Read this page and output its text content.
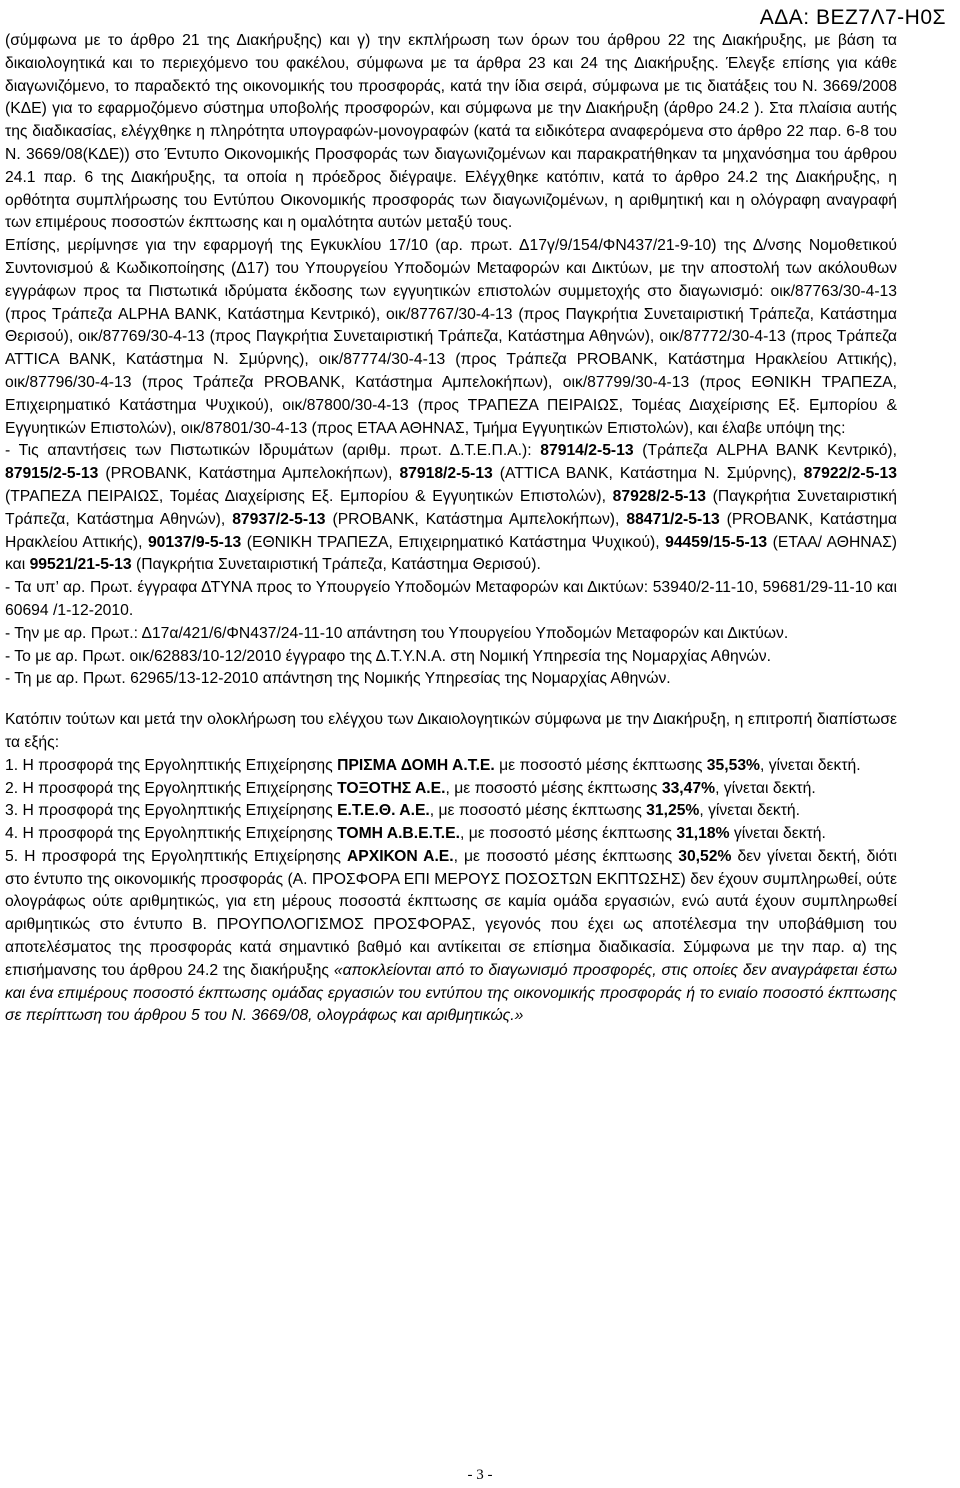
ΑΔΑ: ΒΕΖ7Λ7-Η0Σ

(σύμφωνα με το άρθρο 21 της Διακήρυξης) και γ) την εκπλήρωση των όρων του άρθρου 22 της Διακήρυξης, με βάση τα δικαιολογητικά και το περιεχόμενο του φακέλου, σύμφωνα με τα άρθρα 23 και 24 της Διακήρυξης. Έλεγξε επίσης για κάθε διαγωνιζόμενο, το παραδεκτό της οικονομικής του προσφοράς, κατά την ίδια σειρά, σύμφωνα με τις διατάξεις του Ν. 3669/2008 (ΚΔΕ) για το εφαρμοζόμενο σύστημα υποβολής προσφορών, και σύμφωνα με την Διακήρυξη (άρθρο 24.2 ). Στα πλαίσια αυτής της διαδικασίας, ελέγχθηκε η πληρότητα υπογραφών-μονογραφών (κατά τα ειδικότερα αναφερόμενα στο άρθρο 22 παρ. 6-8 του Ν. 3669/08(ΚΔΕ)) στο Έντυπο Οικονομικής Προσφοράς των διαγωνιζομένων και παρακρατήθηκαν τα μηχανόσημα του άρθρου 24.1 παρ. 6 της Διακήρυξης, τα οποία η πρόεδρος διέγραψε. Ελέγχθηκε κατόπιν, κατά το άρθρο 24.2 της Διακήρυξης, η ορθότητα συμπλήρωσης του Εντύπου Οικονομικής προσφοράς των διαγωνιζομένων, η αριθμητική και η ολόγραφη αναγραφή των επιμέρους ποσοστών έκπτωσης και η ομαλότητα αυτών μεταξύ τους.

Επίσης, μερίμνησε για την εφαρμογή της Εγκυκλίου 17/10 (αρ. πρωτ. Δ17γ/9/154/ΦΝ437/21-9-10) της Δ/νσης Νομοθετικού Συντονισμού & Κωδικοποίησης (Δ17) του Υπουργείου Υποδομών Μεταφορών και Δικτύων, με την αποστολή των ακόλουθων εγγράφων προς τα Πιστωτικά ιδρύματα έκδοσης των εγγυητικών επιστολών συμμετοχής στο διαγωνισμό: οικ/87763/30-4-13 (προς Τράπεζα ALPHA BANK, Κατάστημα Κεντρικό), οικ/87767/30-4-13 (προς Παγκρήτια Συνεταιριστική Τράπεζα, Κατάστημα Θερισού), οικ/87769/30-4-13 (προς Παγκρήτια Συνεταιριστική Τράπεζα, Κατάστημα Αθηνών), οικ/87772/30-4-13 (προς Τράπεζα ATTICA BANK, Κατάστημα Ν. Σμύρνης), οικ/87774/30-4-13 (προς Τράπεζα PROBANK, Κατάστημα Ηρακλείου Αττικής), οικ/87796/30-4-13 (προς Τράπεζα PROBANK, Κατάστημα Αμπελοκήπων), οικ/87799/30-4-13 (προς ΕΘΝΙΚΗ ΤΡΑΠΕΖΑ, Επιχειρηματικό Κατάστημα Ψυχικού), οικ/87800/30-4-13 (προς ΤΡΑΠΕΖΑ ΠΕΙΡΑΙΩΣ, Τομέας Διαχείρισης Εξ. Εμπορίου & Εγγυητικών Επιστολών), οικ/87801/30-4-13 (προς ΕΤΑΑ ΑΘΗΝΑΣ, Τμήμα Εγγυητικών Επιστολών), και έλαβε υπόψη της:

- Τις απαντήσεις των Πιστωτικών Ιδρυμάτων (αριθμ. πρωτ. Δ.Τ.Ε.Π.Α.): 87914/2-5-13 (Τράπεζα ALPHA BANK Κεντρικό), 87915/2-5-13 (PROBANK, Κατάστημα Αμπελοκήπων), 87918/2-5-13 (ATTICA BANK, Κατάστημα Ν. Σμύρνης), 87922/2-5-13 (ΤΡΑΠΕΖΑ ΠΕΙΡΑΙΩΣ, Τομέας Διαχείρισης Εξ. Εμπορίου & Εγγυητικών Επιστολών), 87928/2-5-13 (Παγκρήτια Συνεταιριστική Τράπεζα, Κατάστημα Αθηνών), 87937/2-5-13 (PROBANK, Κατάστημα Αμπελοκήπων), 88471/2-5-13 (PROBANK, Κατάστημα Ηρακλείου Αττικής), 90137/9-5-13 (ΕΘΝΙΚΗ ΤΡΑΠΕΖΑ, Επιχειρηματικό Κατάστημα Ψυχικού), 94459/15-5-13 (ΕΤΑΑ/ ΑΘΗΝΑΣ) και 99521/21-5-13 (Παγκρήτια Συνεταιριστική Τράπεζα, Κατάστημα Θερισού).

- Τα υπ’ αρ. Πρωτ. έγγραφα ΔΤΥΝΑ προς το Υπουργείο Υποδομών Μεταφορών και Δικτύων: 53940/2-11-10, 59681/29-11-10 και 60694 /1-12-2010.

- Την με αρ. Πρωτ.: Δ17α/421/6/ΦΝ437/24-11-10 απάντηση του Υπουργείου Υποδομών Μεταφορών και Δικτύων.

- Το με αρ. Πρωτ. οικ/62883/10-12/2010 έγγραφο της Δ.Τ.Υ.Ν.Α. στη Νομική Υπηρεσία της Νομαρχίας Αθηνών.

- Τη με αρ. Πρωτ. 62965/13-12-2010 απάντηση της Νομικής Υπηρεσίας της Νομαρχίας Αθηνών.

Κατόπιν τούτων και μετά την ολοκλήρωση του ελέγχου των Δικαιολογητικών σύμφωνα με την Διακήρυξη, η επιτροπή διαπίστωσε τα εξής:

1. Η προσφορά της Εργοληπτικής Επιχείρησης ΠΡΙΣΜΑ ΔΟΜΗ Α.Τ.Ε. με ποσοστό μέσης έκπτωσης 35,53%, γίνεται δεκτή.

2. Η προσφορά της Εργοληπτικής Επιχείρησης ΤΟΞΟΤΗΣ Α.Ε., με ποσοστό μέσης έκπτωσης 33,47%, γίνεται δεκτή.

3. Η προσφορά της Εργοληπτικής Επιχείρησης Ε.Τ.Ε.Θ. Α.Ε., με ποσοστό μέσης έκπτωσης 31,25%, γίνεται δεκτή.

4. Η προσφορά της Εργοληπτικής Επιχείρησης ΤΟΜΗ Α.Β.Ε.Τ.Ε., με ποσοστό μέσης έκπτωσης 31,18% γίνεται δεκτή.

5. Η προσφορά της Εργοληπτικής Επιχείρησης ΑΡΧΙΚΟΝ Α.Ε., με ποσοστό μέσης έκπτωσης 30,52% δεν γίνεται δεκτή, διότι στο έντυπο της οικονομικής προσφοράς (Α. ΠΡΟΣΦΟΡΑ ΕΠΙ ΜΕΡΟΥΣ ΠΟΣΟΣΤΩΝ ΕΚΠΤΩΣΗΣ) δεν έχουν συμπληρωθεί, ούτε ολογράφως ούτε αριθμητικώς, για ετη μέρους ποσοστά έκπτωσης σε καμία ομάδα εργασιών, ενώ αυτά έχουν συμπληρωθεί αριθμητικώς στο έντυπο Β. ΠΡΟΥΠΟΛΟΓΙΣΜΟΣ ΠΡΟΣΦΟΡΑΣ, γεγονός που έχει ως αποτέλεσμα την υποβάθμιση του αποτελέσματος της προσφοράς κατά σημαντικό βαθμό και αντίκειται σε επίσημα διαδικασία. Σύμφωνα με την παρ. α) της επισήμανσης του άρθρου 24.2 της διακήρυξης «αποκλείονται από το διαγωνισμό προσφορές, στις οποίες δεν αναγράφεται έστω και ένα επιμέρους ποσοστό έκπτωσης ομάδας εργασιών του εντύπου της οικονομικής προσφοράς ή το ενιαίο ποσοστό έκπτωσης σε περίπτωση του άρθρου 5 του Ν. 3669/08, ολογράφως και αριθμητικώς.»

- 3 -
